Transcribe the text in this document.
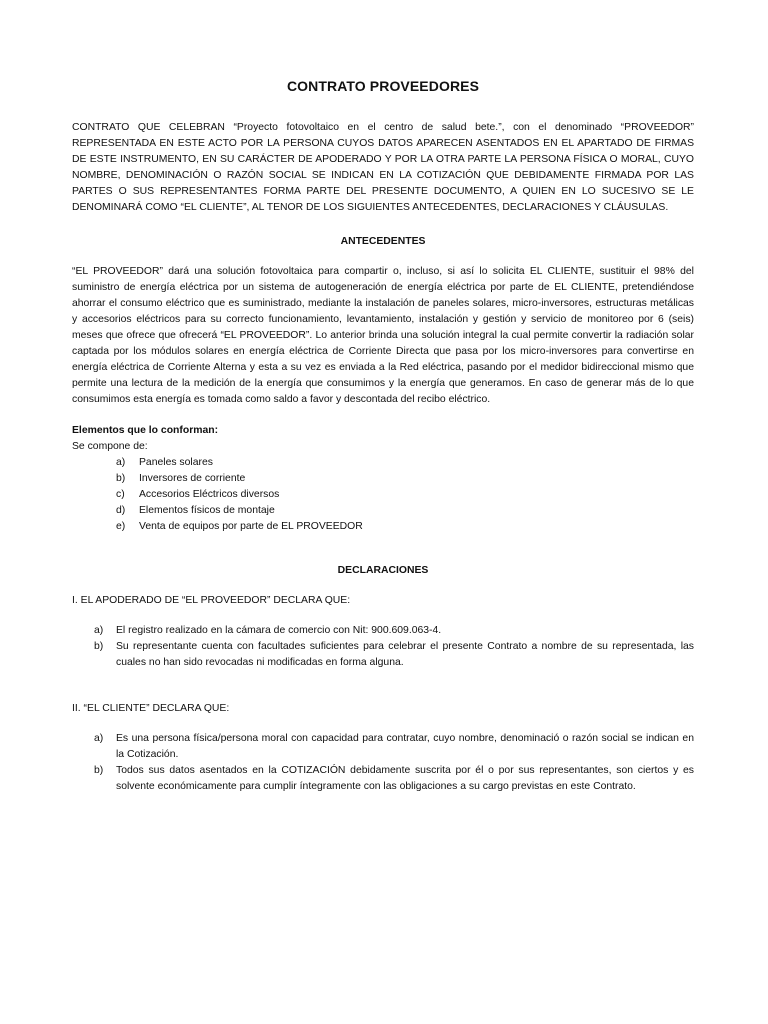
CONTRATO PROVEEDORES

CONTRATO QUE CELEBRAN “Proyecto fotovoltaico en el centro de salud bete.”, con el denominado “PROVEEDOR” REPRESENTADA EN ESTE ACTO POR LA PERSONA CUYOS DATOS APARECEN ASENTADOS EN EL APARTADO DE FIRMAS DE ESTE INSTRUMENTO, EN SU CARÁCTER DE APODERADO Y POR LA OTRA PARTE LA PERSONA FÍSICA O MORAL, CUYO NOMBRE, DENOMINACIÓN O RAZÓN SOCIAL SE INDICAN EN LA COTIZACIÓN QUE DEBIDAMENTE FIRMADA POR LAS PARTES O SUS REPRESENTANTES FORMA PARTE DEL PRESENTE DOCUMENTO, A QUIEN EN LO SUCESIVO SE LE DENOMINARÁ COMO “EL CLIENTE”, AL TENOR DE LOS SIGUIENTES ANTECEDENTES, DECLARACIONES Y CLÁUSULAS.

ANTECEDENTES

“EL PROVEEDOR” dará una solución fotovoltaica para compartir o, incluso, si así lo solicita EL CLIENTE, sustituir el 98% del suministro de energía eléctrica por un sistema de autogeneración de energía eléctrica por parte de EL CLIENTE, pretendiéndose ahorrar el consumo eléctrico que es suministrado, mediante la instalación de paneles solares, micro-inversores, estructuras metálicas y accesorios eléctricos para su correcto funcionamiento, levantamiento, instalación y gestión y servicio de monitoreo por 6 (seis) meses que ofrece que ofrecerá “EL PROVEEDOR”. Lo anterior brinda una solución integral la cual permite convertir la radiación solar captada por los módulos solares en energía eléctrica de Corriente Directa que pasa por los micro-inversores para convertirse en energía eléctrica de Corriente Alterna y esta a su vez es enviada a la Red eléctrica, pasando por el medidor bidireccional mismo que permite una lectura de la medición de la energía que consumimos y la energía que generamos. En caso de generar más de lo que consumimos esta energía es tomada como saldo a favor y descontada del recibo eléctrico.

Elementos que lo conforman:
Se compone de:
a)	Paneles solares
b)	Inversores de corriente
c)	Accesorios Eléctricos diversos
d)	Elementos físicos de montaje
e)	Venta de equipos por parte de EL PROVEEDOR
DECLARACIONES
I. EL APODERADO DE “EL PROVEEDOR” DECLARA QUE:
a)	El registro realizado en la cámara de comercio con Nit: 900.609.063-4.
b)	Su representante cuenta con facultades suficientes para celebrar el presente Contrato a nombre de su representada, las cuales no han sido revocadas ni modificadas en forma alguna.
II. “EL CLIENTE” DECLARA QUE:
a)	Es una persona física/persona moral con capacidad para contratar, cuyo nombre, denominació o razón social se indican en la Cotización.
b)	Todos sus datos asentados en la COTIZACIÓN debidamente suscrita por él o por sus representantes, son ciertos y es solvente económicamente para cumplir íntegramente con las obligaciones a su cargo previstas en este Contrato.
